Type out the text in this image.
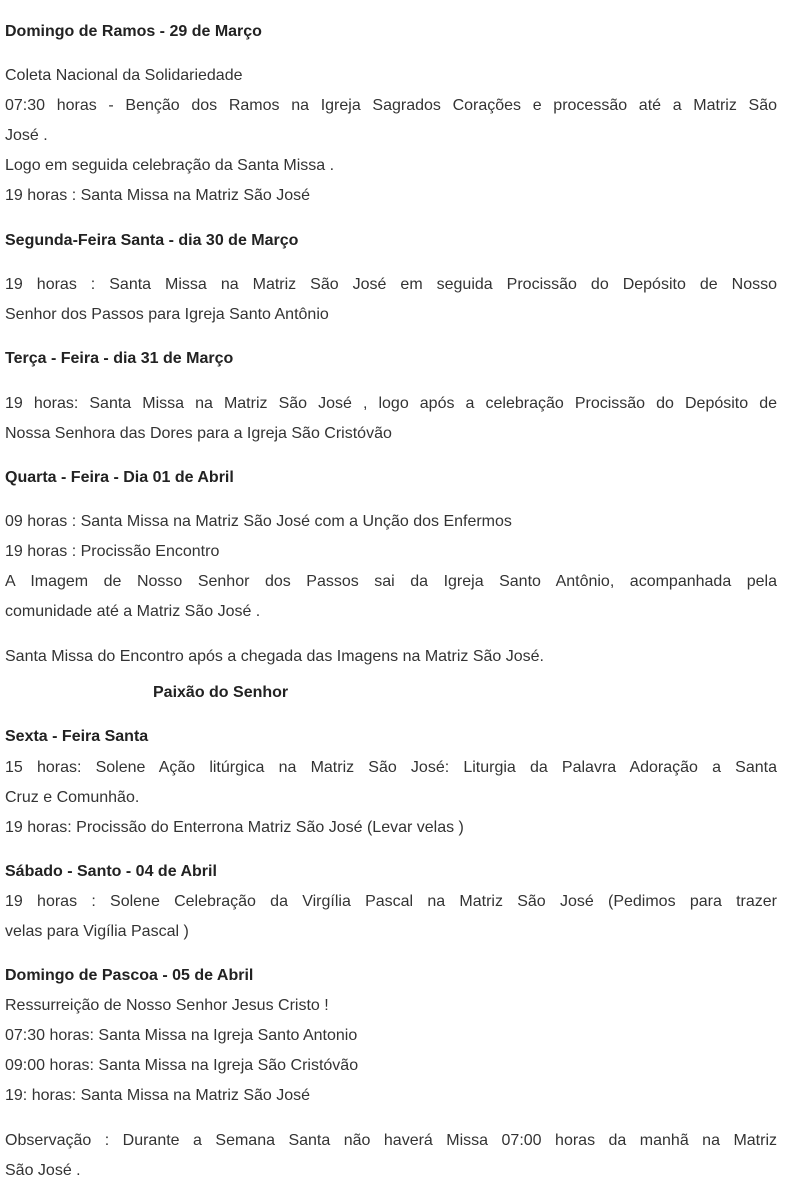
Domingo de Ramos - 29 de Março

Coleta Nacional da Solidariedade

07:30 horas - Benção dos Ramos na Igreja Sagrados Corações e processão até a Matriz São

José .

Logo em seguida celebração da Santa Missa .

19 horas : Santa Missa na Matriz São José

Segunda-Feira Santa - dia 30 de Março

19 horas : Santa Missa na Matriz São José em seguida Procissão do Depósito de Nosso

Senhor dos Passos para Igreja Santo Antônio

Terça - Feira - dia 31 de Março

19 horas: Santa Missa na Matriz São José , logo após a celebração Procissão do Depósito de

Nossa Senhora das Dores para a Igreja São Cristóvão

Quarta - Feira - Dia 01 de Abril

09 horas : Santa Missa na Matriz São José com a Unção dos Enfermos

19 horas : Procissão Encontro

A Imagem de Nosso Senhor dos Passos sai da Igreja Santo Antônio, acompanhada pela

comunidade até a Matriz São José .

Santa Missa do Encontro após a chegada das Imagens na Matriz São José.

Paixão do Senhor

Sexta - Feira Santa

15 horas: Solene Ação litúrgica na Matriz São José: Liturgia da Palavra Adoração a Santa

Cruz e Comunhão.

19 horas: Procissão do Enterrona Matriz São José (Levar velas )

Sábado - Santo - 04 de Abril

19 horas : Solene Celebração da Virgília Pascal na Matriz São José (Pedimos para trazer

velas para Vigília Pascal )

Domingo de Pascoa - 05 de Abril

Ressurreição de Nosso Senhor Jesus Cristo !

07:30 horas: Santa Missa na Igreja Santo Antonio

09:00 horas: Santa Missa na Igreja São Cristóvão

19: horas: Santa Missa na Matriz São José

Observação : Durante a Semana Santa não haverá Missa 07:00 horas da manhã na Matriz

São José .
